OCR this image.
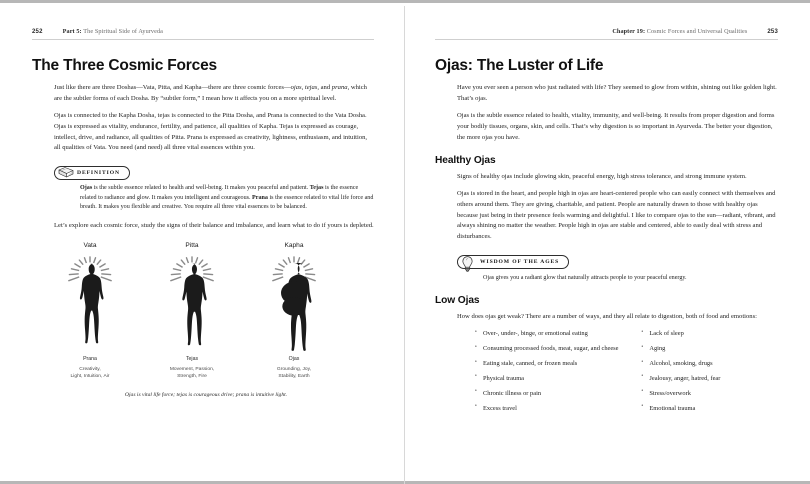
252	Part 5: The Spiritual Side of Ayurveda
The Three Cosmic Forces

Just like there are three Doshas—Vata, Pitta, and Kapha—there are three cosmic forces—ojas, tejas, and prana, which are the subtler forms of each Dosha. By “subtler form,” I mean how it affects you on a more spiritual level.

Ojas is connected to the Kapha Dosha, tejas is connected to the Pitta Dosha, and Prana is connected to the Vata Dosha. Ojas is expressed as vitality, endurance, fertility, and patience, all qualities of Kapha. Tejas is expressed as courage, intellect, drive, and radiance, all qualities of Pitta. Prana is expressed as creativity, lightness, enthusiasm, and intuition, all qualities of Vata. You need (and need) all three vital essences within you.

DEFINITION

Ojas is the subtle essence related to health and well-being. It makes you peaceful and patient. Tejas is the essence related to radiance and glow. It makes you intelligent and courageous. Prana is the essence related to vital life force and breath. It makes you flexible and creative. You require all three vital essences to be balanced.

Let’s explore each cosmic force, study the signs of their balance and imbalance, and learn what to do if yours is depleted.

Vata
Prana
Creativity,
Light, Intuition, Air
Pitta
Tejas
Movement, Passion,
Strength, Fire
Kapha
Ojas
Grounding, Joy,
Stability, Earth
Ojas is vital life force; tejas is courageous drive; prana is intuitive light.
Chapter 19: Cosmic Forces and Universal Qualities	253
Ojas: The Luster of Life

Have you ever seen a person who just radiated with life? They seemed to glow from within, shining out like golden light. That’s ojas.

Ojas is the subtle essence related to health, vitality, immunity, and well-being. It results from proper digestion and forms your bodily tissues, organs, skin, and cells. That’s why digestion is so important in Ayurveda. The better your digestion, the more ojas you have.

Healthy Ojas

Signs of healthy ojas include glowing skin, peaceful energy, high stress tolerance, and strong immune system.

Ojas is stored in the heart, and people high in ojas are heart-centered people who can easily connect with themselves and others around them. They are giving, charitable, and patient. People are naturally drawn to those with healthy ojas because just being in their presence feels warming and delightful. I like to compare ojas to the sun—radiant, vibrant, and always shining no matter the weather. People high in ojas are stable and centered, able to easily deal with stress and disturbances.

WISDOM OF THE AGES

Ojas gives you a radiant glow that naturally attracts people to your peaceful energy.

Low Ojas

How does ojas get weak? There are a number of ways, and they all relate to digestion, both of food and emotions:

• Over-, under-, binge, or emotional eating
• Consuming processed foods, meat, sugar, and cheese
• Eating stale, canned, or frozen meals
• Physical trauma
• Chronic illness or pain
• Excess travel
• Lack of sleep
• Aging
• Alcohol, smoking, drugs
• Jealousy, anger, hatred, fear
• Stress/overwork
• Emotional trauma
